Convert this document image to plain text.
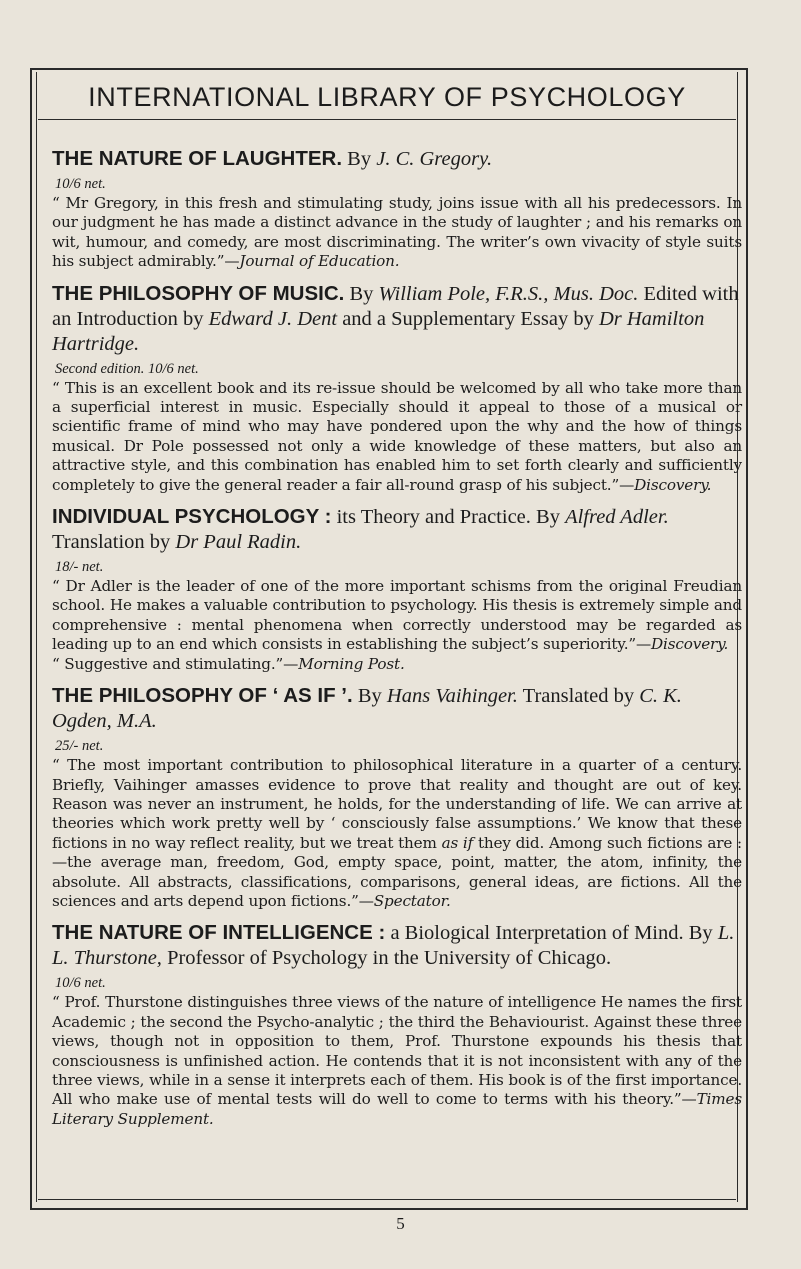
INTERNATIONAL LIBRARY OF PSYCHOLOGY
THE NATURE OF LAUGHTER. By J. C. Gregory.
10/6 net.

“ Mr Gregory, in this fresh and stimulating study, joins issue with all his predecessors. In our judgment he has made a distinct advance in the study of laughter ; and his remarks on wit, humour, and comedy, are most discriminating. The writer’s own vivacity of style suits his subject admirably.”—Journal of Education.

THE PHILOSOPHY OF MUSIC. By William Pole, F.R.S., Mus. Doc. Edited with an Introduction by Edward J. Dent and a Supplementary Essay by Dr Hamilton Hartridge.
Second edition. 10/6 net.

“ This is an excellent book and its re-issue should be welcomed by all who take more than a superficial interest in music. Especially should it appeal to those of a musical or scientific frame of mind who may have pondered upon the why and the how of things musical. Dr Pole possessed not only a wide knowledge of these matters, but also an attractive style, and this combination has enabled him to set forth clearly and sufficiently completely to give the general reader a fair all-round grasp of his subject.”—Discovery.

INDIVIDUAL PSYCHOLOGY : its Theory and Practice. By Alfred Adler. Translation by Dr Paul Radin.
18/- net.

“ Dr Adler is the leader of one of the more important schisms from the original Freudian school. He makes a valuable contribution to psychology. His thesis is extremely simple and comprehensive : mental phenomena when correctly understood may be regarded as leading up to an end which consists in establishing the subject’s superiority.”—Discovery.

“ Suggestive and stimulating.”—Morning Post.

THE PHILOSOPHY OF ‘ AS IF ’. By Hans Vaihinger. Translated by C. K. Ogden, M.A.
25/- net.

“ The most important contribution to philosophical literature in a quarter of a century. Briefly, Vaihinger amasses evidence to prove that reality and thought are out of key. Reason was never an instrument, he holds, for the understanding of life. We can arrive at theories which work pretty well by ‘ consciously false assumptions.’ We know that these fictions in no way reflect reality, but we treat them as if they did. Among such fictions are :—the average man, freedom, God, empty space, point, matter, the atom, infinity, the absolute. All abstracts, classifications, comparisons, general ideas, are fictions. All the sciences and arts depend upon fictions.”—Spectator.

THE NATURE OF INTELLIGENCE : a Biological Interpretation of Mind. By L. L. Thurstone, Professor of Psychology in the University of Chicago.
10/6 net.

“ Prof. Thurstone distinguishes three views of the nature of intelligence He names the first Academic ; the second the Psycho-analytic ; the third the Behaviourist. Against these three views, though not in opposition to them, Prof. Thurstone expounds his thesis that consciousness is unfinished action. He contends that it is not inconsistent with any of the three views, while in a sense it interprets each of them. His book is of the first importance. All who make use of mental tests will do well to come to terms with his theory.”—Times Literary Supplement.

5
